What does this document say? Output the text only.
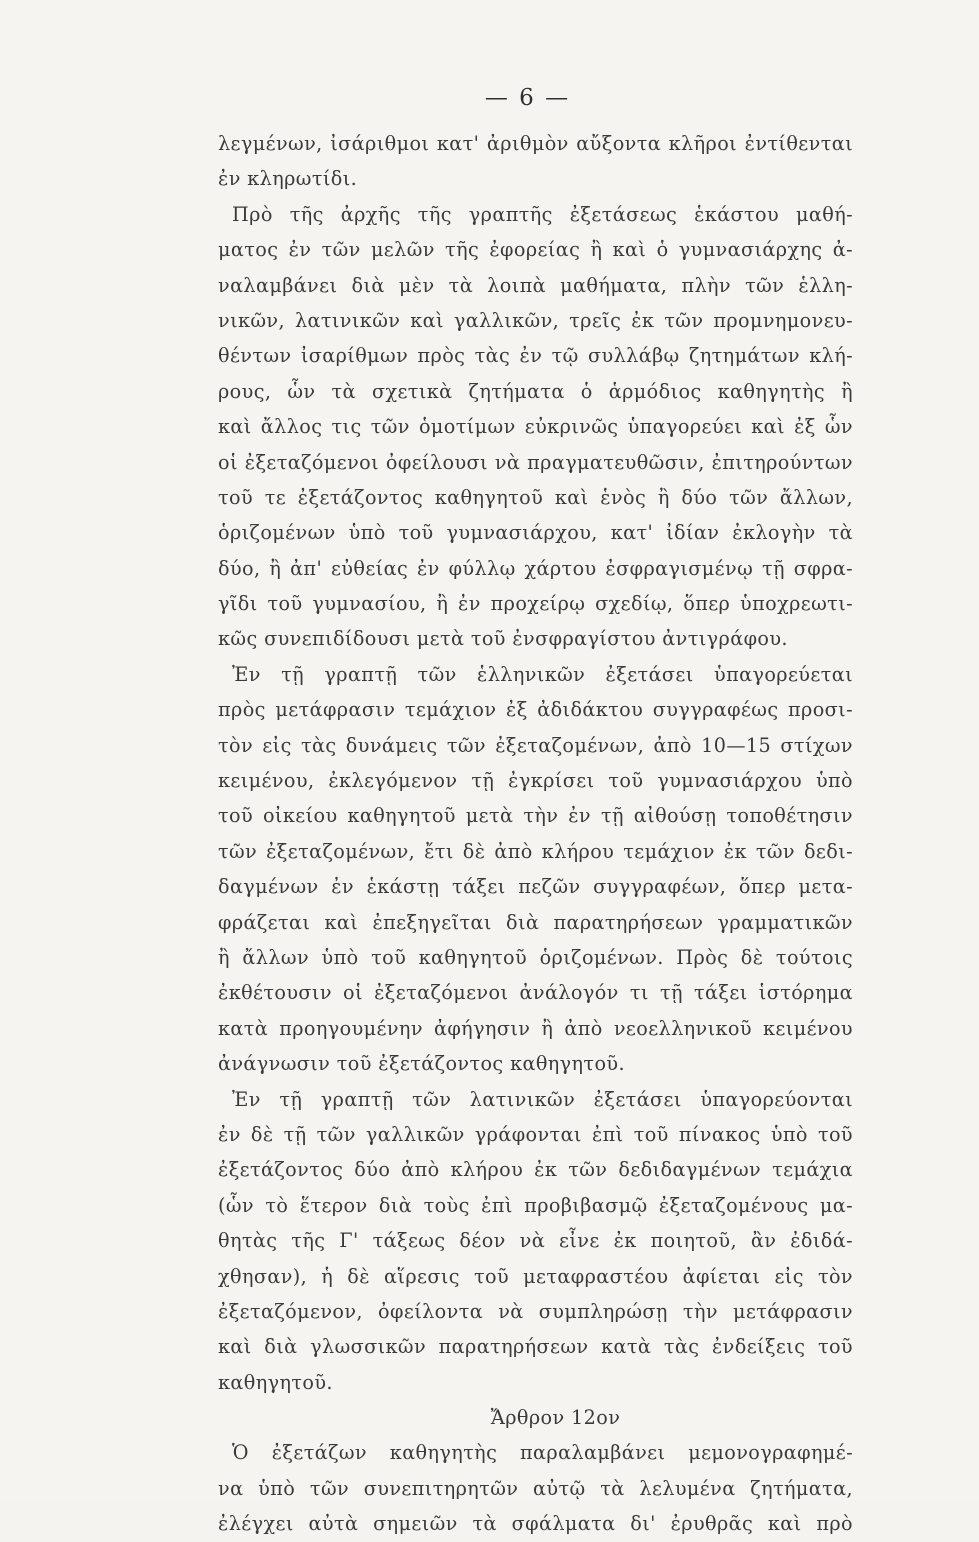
— 6 —
λεγμένων, ἰσάριθμοι κατ' ἀριθμὸν αὔξοντα κλῆροι ἐντίθενται
ἐν κληρωτίδι.
Πρὸ τῆς ἀρχῆς τῆς γραπτῆς ἐξετάσεως ἑκάστου μαθή-
ματος ἐν τῶν μελῶν τῆς ἐφορείας ἢ καὶ ὁ γυμνασιάρχης ἀ-
ναλαμβάνει διὰ μὲν τὰ λοιπὰ μαθήματα, πλὴν τῶν ἑλλη-
νικῶν, λατινικῶν καὶ γαλλικῶν, τρεῖς ἐκ τῶν προμνημονευ-
θέντων ἰσαρίθμων πρὸς τὰς ἐν τῷ συλλάβῳ ζητημάτων κλή-
ρους, ὧν τὰ σχετικὰ ζητήματα ὁ ἁρμόδιος καθηγητὴς ἢ
καὶ ἄλλος τις τῶν ὁμοτίμων εὐκρινῶς ὑπαγορεύει καὶ ἐξ ὧν
οἱ ἐξεταζόμενοι ὀφείλουσι νὰ πραγματευθῶσιν, ἐπιτηρούντων
τοῦ τε ἐξετάζοντος καθηγητοῦ καὶ ἑνὸς ἢ δύο τῶν ἄλλων,
ὁριζομένων ὑπὸ τοῦ γυμνασιάρχου, κατ' ἰδίαν ἐκλογὴν τὰ
δύο, ἢ ἀπ' εὐθείας ἐν φύλλῳ χάρτου ἐσφραγισμένῳ τῇ σφρα-
γῖδι τοῦ γυμνασίου, ἢ ἐν προχείρῳ σχεδίῳ, ὅπερ ὑποχρεωτι-
κῶς συνεπιδίδουσι μετὰ τοῦ ἐνσφραγίστου ἀντιγράφου.
Ἐν τῇ γραπτῇ τῶν ἑλληνικῶν ἐξετάσει ὑπαγορεύεται
πρὸς μετάφρασιν τεμάχιον ἐξ ἀδιδάκτου συγγραφέως προσι-
τὸν εἰς τὰς δυνάμεις τῶν ἐξεταζομένων, ἀπὸ 10—15 στίχων
κειμένου, ἐκλεγόμενον τῇ ἐγκρίσει τοῦ γυμνασιάρχου ὑπὸ
τοῦ οἰκείου καθηγητοῦ μετὰ τὴν ἐν τῇ αἰθούσῃ τοποθέτησιν
τῶν ἐξεταζομένων, ἔτι δὲ ἀπὸ κλήρου τεμάχιον ἐκ τῶν δεδι-
δαγμένων ἐν ἑκάστῃ τάξει πεζῶν συγγραφέων, ὅπερ μετα-
φράζεται καὶ ἐπεξηγεῖται διὰ παρατηρήσεων γραμματικῶν
ἢ ἄλλων ὑπὸ τοῦ καθηγητοῦ ὁριζομένων. Πρὸς δὲ τούτοις
ἐκθέτουσιν οἱ ἐξεταζόμενοι ἀνάλογόν τι τῇ τάξει ἱστόρημα
κατὰ προηγουμένην ἀφήγησιν ἢ ἀπὸ νεοελληνικοῦ κειμένου
ἀνάγνωσιν τοῦ ἐξετάζοντος καθηγητοῦ.
Ἐν τῇ γραπτῇ τῶν λατινικῶν ἐξετάσει ὑπαγορεύονται
ἐν δὲ τῇ τῶν γαλλικῶν γράφονται ἐπὶ τοῦ πίνακος ὑπὸ τοῦ
ἐξετάζοντος δύο ἀπὸ κλήρου ἐκ τῶν δεδιδαγμένων τεμάχια
(ὧν τὸ ἕτερον διὰ τοὺς ἐπὶ προβιβασμῷ ἐξεταζομένους μα-
θητὰς τῆς Γ' τάξεως δέον νὰ εἶνε ἐκ ποιητοῦ, ἂν ἐδιδά-
χθησαν), ἡ δὲ αἵρεσις τοῦ μεταφραστέου ἀφίεται εἰς τὸν
ἐξεταζόμενον, ὀφείλοντα νὰ συμπληρώσῃ τὴν μετάφρασιν
καὶ διὰ γλωσσικῶν παρατηρήσεων κατὰ τὰς ἐνδείξεις τοῦ
καθηγητοῦ.
Ἄρθρον 12ον
Ὁ ἐξετάζων καθηγητὴς παραλαμβάνει μεμονογραφημέ-
να ὑπὸ τῶν συνεπιτηρητῶν αὐτῷ τὰ λελυμένα ζητήματα,
ἐλέγχει αὐτὰ σημειῶν τὰ σφάλματα δι' ἐρυθρᾶς καὶ πρὸ
